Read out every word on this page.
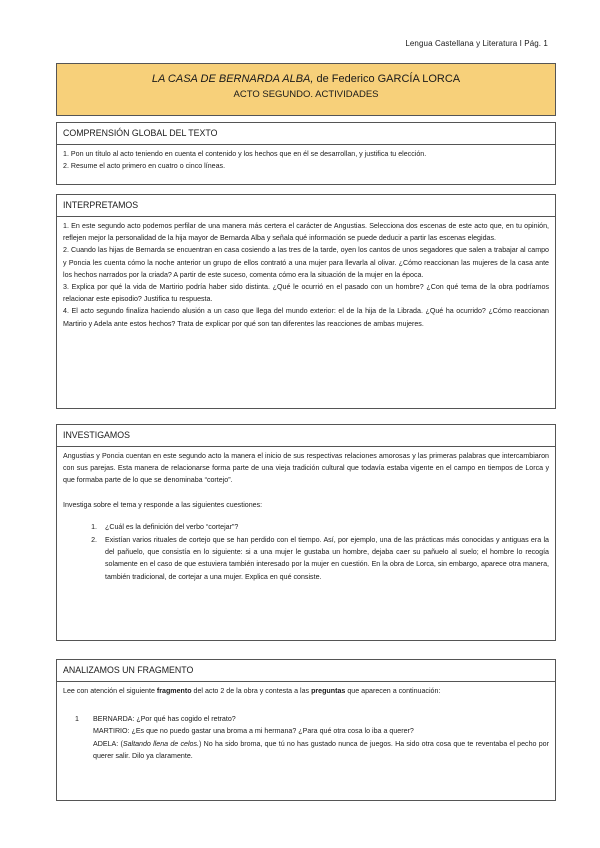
Lengua Castellana y Literatura I Pág. 1
LA CASA DE BERNARDA ALBA, de Federico GARCÍA LORCA
ACTO SEGUNDO. ACTIVIDADES
COMPRENSIÓN GLOBAL DEL TEXTO

1. Pon un título al acto teniendo en cuenta el contenido y los hechos que en él se desarrollan, y justifica tu elección.

2. Resume el acto primero en cuatro o cinco líneas.

INTERPRETAMOS

1. En este segundo acto podemos perfilar de una manera más certera el carácter de Angustias. Selecciona dos escenas de este acto que, en tu opinión, reflejen mejor la personalidad de la hija mayor de Bernarda Alba y señala qué información se puede deducir a partir las escenas elegidas.

2. Cuando las hijas de Bernarda se encuentran en casa cosiendo a las tres de la tarde, oyen los cantos de unos segadores que salen a trabajar al campo y Poncia les cuenta cómo la noche anterior un grupo de ellos contrató a una mujer para llevarla al olivar. ¿Cómo reaccionan las mujeres de la casa ante los hechos narrados por la criada? A partir de este suceso, comenta cómo era la situación de la mujer en la época.

3. Explica por qué la vida de Martirio podría haber sido distinta. ¿Qué le ocurrió en el pasado con un hombre? ¿Con qué tema de la obra podríamos relacionar este episodio? Justifica tu respuesta.

4. El acto segundo finaliza haciendo alusión a un caso que llega del mundo exterior: el de la hija de la Librada. ¿Qué ha ocurrido? ¿Cómo reaccionan Martirio y Adela ante estos hechos? Trata de explicar por qué son tan diferentes las reacciones de ambas mujeres.

INVESTIGAMOS

Angustias y Poncia cuentan en este segundo acto la manera el inicio de sus respectivas relaciones amorosas y las primeras palabras que intercambiaron con sus parejas. Esta manera de relacionarse forma parte de una vieja tradición cultural que todavía estaba vigente en el campo en tiempos de Lorca y que formaba parte de lo que se denominaba “cortejo”.

Investiga sobre el tema y responde a las siguientes cuestiones:

1. ¿Cuál es la definición del verbo “cortejar”?
2. Existían varios rituales de cortejo que se han perdido con el tiempo. Así, por ejemplo, una de las prácticas más conocidas y antiguas era la del pañuelo, que consistía en lo siguiente: si a una mujer le gustaba un hombre, dejaba caer su pañuelo al suelo; el hombre lo recogía solamente en el caso de que estuviera también interesado por la mujer en cuestión. En la obra de Lorca, sin embargo, aparece otra manera, también tradicional, de cortejar a una mujer. Explica en qué consiste.
ANALIZAMOS UN FRAGMENTO

Lee con atención el siguiente fragmento del acto 2 de la obra y contesta a las preguntas que aparecen a continuación:

1	BERNARDA: ¿Por qué has cogido el retrato?

MARTIRIO: ¿Es que no puedo gastar una broma a mi hermana? ¿Para qué otra cosa lo iba a querer?

ADELA: (Saltando llena de celos.) No ha sido broma, que tú no has gustado nunca de juegos. Ha sido otra cosa que te reventaba el pecho por querer salir. Dilo ya claramente.
